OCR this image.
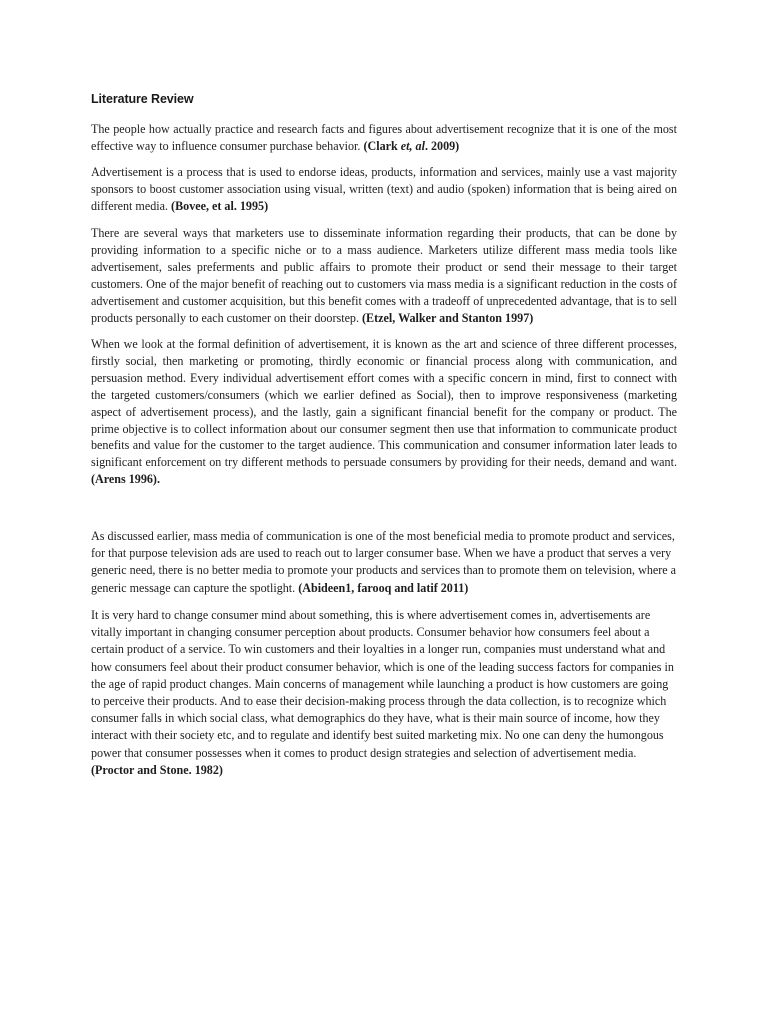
Literature Review

The people how actually practice and research facts and figures about advertisement recognize that it is one of the most effective way to influence consumer purchase behavior. (Clark et, al. 2009)

Advertisement is a process that is used to endorse ideas, products, information and services, mainly use a vast majority sponsors to boost customer association using visual, written (text) and audio (spoken) information that is being aired on different media. (Bovee, et al. 1995)

There are several ways that marketers use to disseminate information regarding their products, that can be done by providing information to a specific niche or to a mass audience. Marketers utilize different mass media tools like advertisement, sales preferments and public affairs to promote their product or send their message to their target customers. One of the major benefit of reaching out to customers via mass media is a significant reduction in the costs of advertisement and customer acquisition, but this benefit comes with a tradeoff of unprecedented advantage, that is to sell products personally to each customer on their doorstep. (Etzel, Walker and Stanton 1997)

When we look at the formal definition of advertisement, it is known as the art and science of three different processes, firstly social, then marketing or promoting, thirdly economic or financial process along with communication, and persuasion method. Every individual advertisement effort comes with a specific concern in mind, first to connect with the targeted customers/consumers (which we earlier defined as Social), then to improve responsiveness (marketing aspect of advertisement process), and the lastly, gain a significant financial benefit for the company or product. The prime objective is to collect information about our consumer segment then use that information to communicate product benefits and value for the customer to the target audience. This communication and consumer information later leads to significant enforcement on try different methods to persuade consumers by providing for their needs, demand and want. (Arens 1996).

As discussed earlier, mass media of communication is one of the most beneficial media to promote product and services, for that purpose television ads are used to reach out to larger consumer base. When we have a product that serves a very generic need, there is no better media to promote your products and services than to promote them on television, where a generic message can capture the spotlight. (Abideen1, farooq and latif 2011)

It is very hard to change consumer mind about something, this is where advertisement comes in, advertisements are vitally important in changing consumer perception about products. Consumer behavior how consumers feel about a certain product of a service. To win customers and their loyalties in a longer run, companies must understand what and how consumers feel about their product consumer behavior, which is one of the leading success factors for companies in the age of rapid product changes. Main concerns of management while launching a product is how customers are going to perceive their products. And to ease their decision-making process through the data collection, is to recognize which consumer falls in which social class, what demographics do they have, what is their main source of income, how they interact with their society etc, and to regulate and identify best suited marketing mix. No one can deny the humongous power that consumer possesses when it comes to product design strategies and selection of advertisement media. (Proctor and Stone. 1982)
